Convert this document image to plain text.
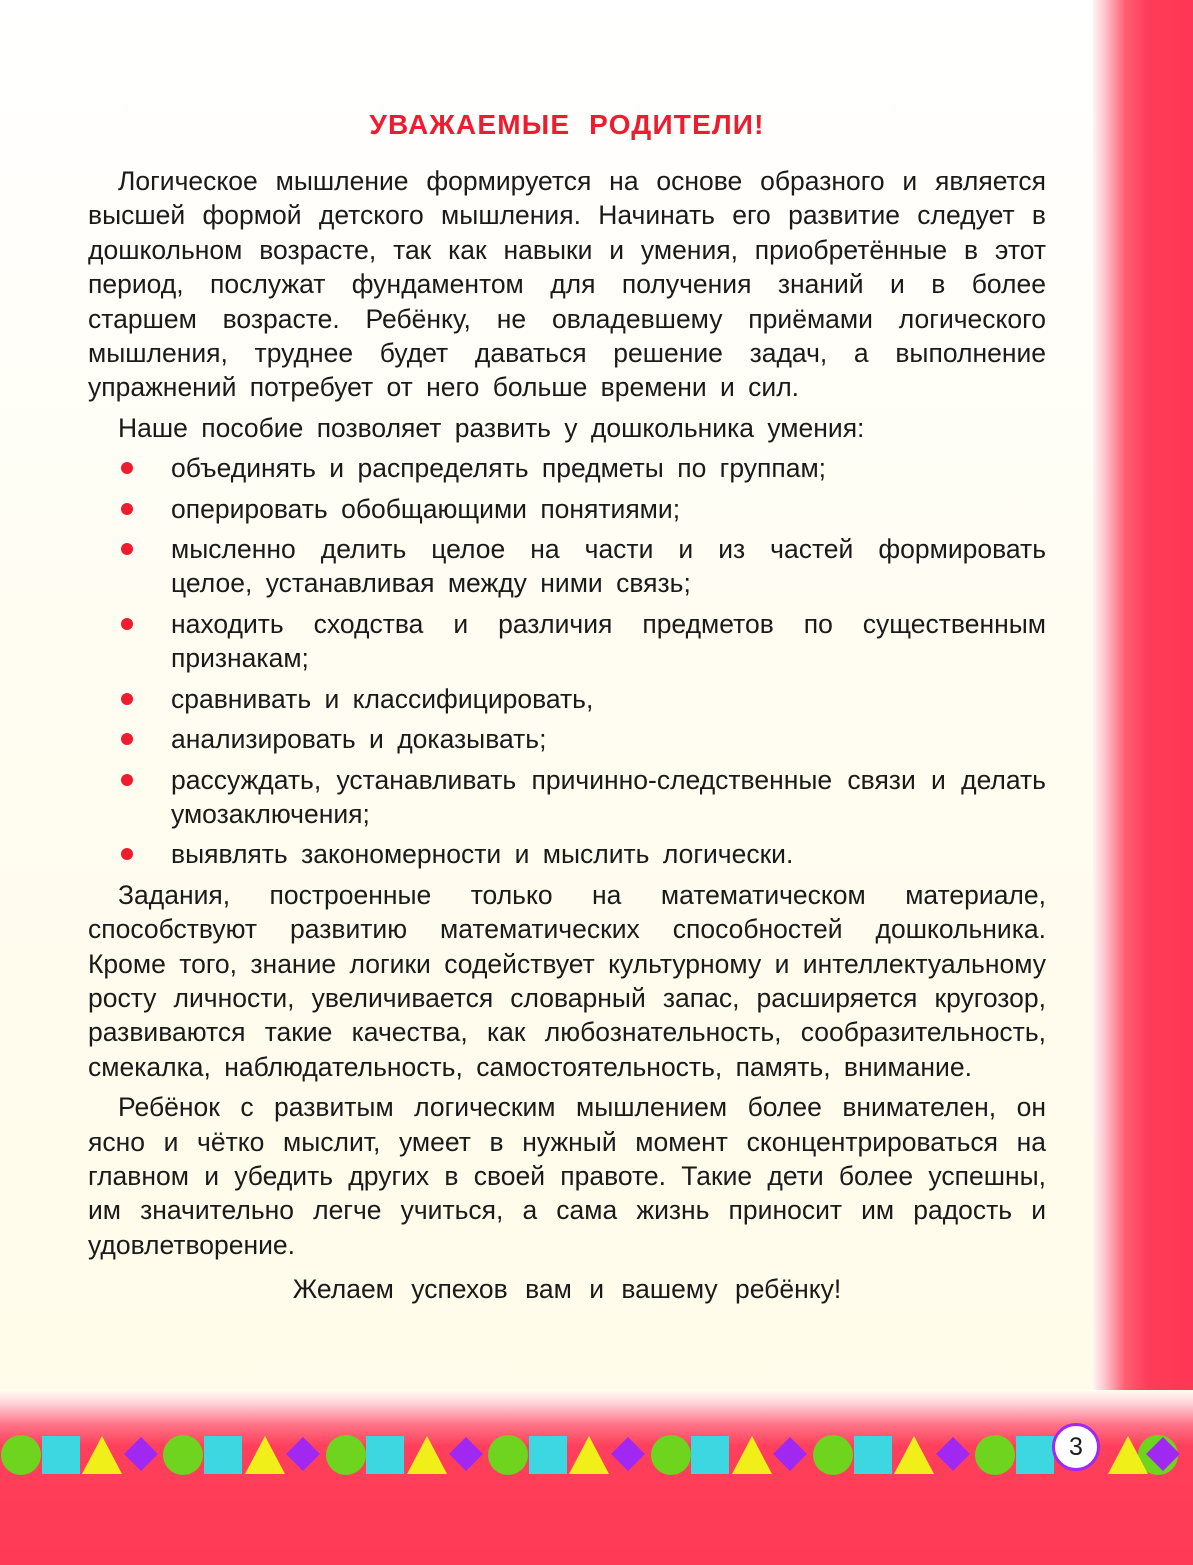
УВАЖАЕМЫЕ РОДИТЕЛИ!

Логическое мышление формируется на основе образного и является высшей формой детского мышления. Начинать его развитие следует в дошкольном возрасте, так как навыки и умения, приобретённые в этот период, послужат фундаментом для получения знаний и в более старшем возрасте. Ребёнку, не овладевшему приёмами логического мышления, труднее будет даваться решение задач, а выполнение упражнений потребует от него больше времени и сил.

Наше пособие позволяет развить у дошкольника умения:

объединять и распределять предметы по группам;
оперировать обобщающими понятиями;
мысленно делить целое на части и из частей формировать целое, устанавливая между ними связь;
находить сходства и различия предметов по существенным признакам;
сравнивать и классифицировать,
анализировать и доказывать;
рассуждать, устанавливать причинно-следственные связи и делать умозаключения;
выявлять закономерности и мыслить логически.

Задания, построенные только на математическом материале, способствуют развитию математических способностей дошкольника. Кроме того, знание логики содействует культурному и интеллектуальному росту личности, увеличивается словарный запас, расширяется кругозор, развиваются такие качества, как любознательность, сообразительность, смекалка, наблюдательность, самостоятельность, память, внимание.

Ребёнок с развитым логическим мышлением более внимателен, он ясно и чётко мыслит, умеет в нужный момент сконцентрироваться на главном и убедить других в своей правоте. Такие дети более успешны, им значительно легче учиться, а сама жизнь приносит им радость и удовлетворение.

Желаем успехов вам и вашему ребёнку!

3
